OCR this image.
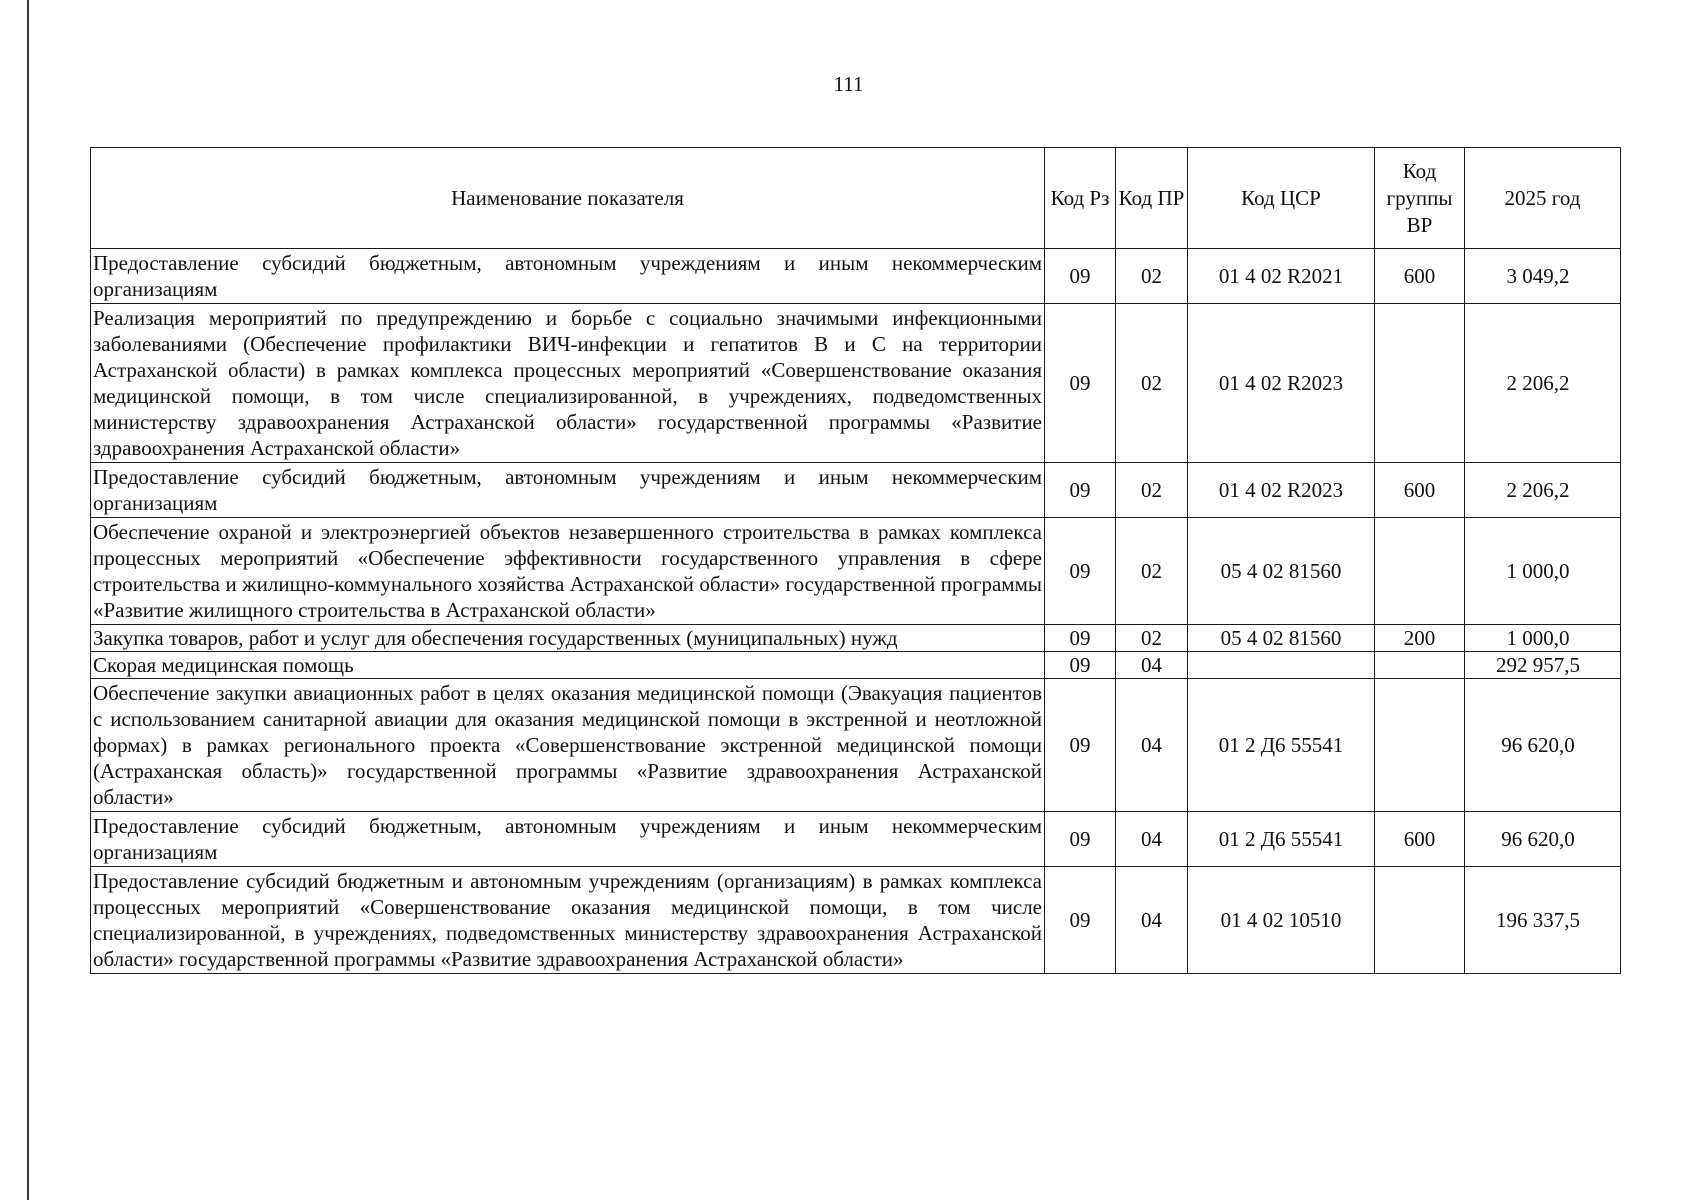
111
Наименование показателя	Код Рз	Код ПР	Код ЦСР	Код группы ВР	2025 год
Предоставление субсидий бюджетным, автономным учреждениям и иным некоммерческим организациям	09	02	01 4 02 R2021	600	3 049,2
Реализация мероприятий по предупреждению и борьбе с социально значимыми инфекционными заболеваниями (Обеспечение профилактики ВИЧ-инфекции и гепатитов В и С на территории Астраханской области) в рамках комплекса процессных мероприятий «Совершенствование оказания медицинской помощи, в том числе специализированной, в учреждениях, подведомственных министерству здравоохранения Астраханской области» государственной программы «Развитие здравоохранения Астраханской области»	09	02	01 4 02 R2023		2 206,2
Предоставление субсидий бюджетным, автономным учреждениям и иным некоммерческим организациям	09	02	01 4 02 R2023	600	2 206,2
Обеспечение охраной и электроэнергией объектов незавершенного строительства в рамках комплекса процессных мероприятий «Обеспечение эффективности государственного управления в сфере строительства и жилищно-коммунального хозяйства Астраханской области» государственной программы «Развитие жилищного строительства в Астраханской области»	09	02	05 4 02 81560		1 000,0
Закупка товаров, работ и услуг для обеспечения государственных (муниципальных) нужд	09	02	05 4 02 81560	200	1 000,0
Скорая медицинская помощь	09	04			292 957,5
Обеспечение закупки авиационных работ в целях оказания медицинской помощи (Эвакуация пациентов с использованием санитарной авиации для оказания медицинской помощи в экстренной и неотложной формах) в рамках регионального проекта «Совершенствование экстренной медицинской помощи (Астраханская область)» государственной программы «Развитие здравоохранения Астраханской области»	09	04	01 2 Д6 55541		96 620,0
Предоставление субсидий бюджетным, автономным учреждениям и иным некоммерческим организациям	09	04	01 2 Д6 55541	600	96 620,0
Предоставление субсидий бюджетным и автономным учреждениям (организациям) в рамках комплекса процессных мероприятий «Совершенствование оказания медицинской помощи, в том числе специализированной, в учреждениях, подведомственных министерству здравоохранения Астраханской области» государственной программы «Развитие здравоохранения Астраханской области»	09	04	01 4 02 10510		196 337,5
